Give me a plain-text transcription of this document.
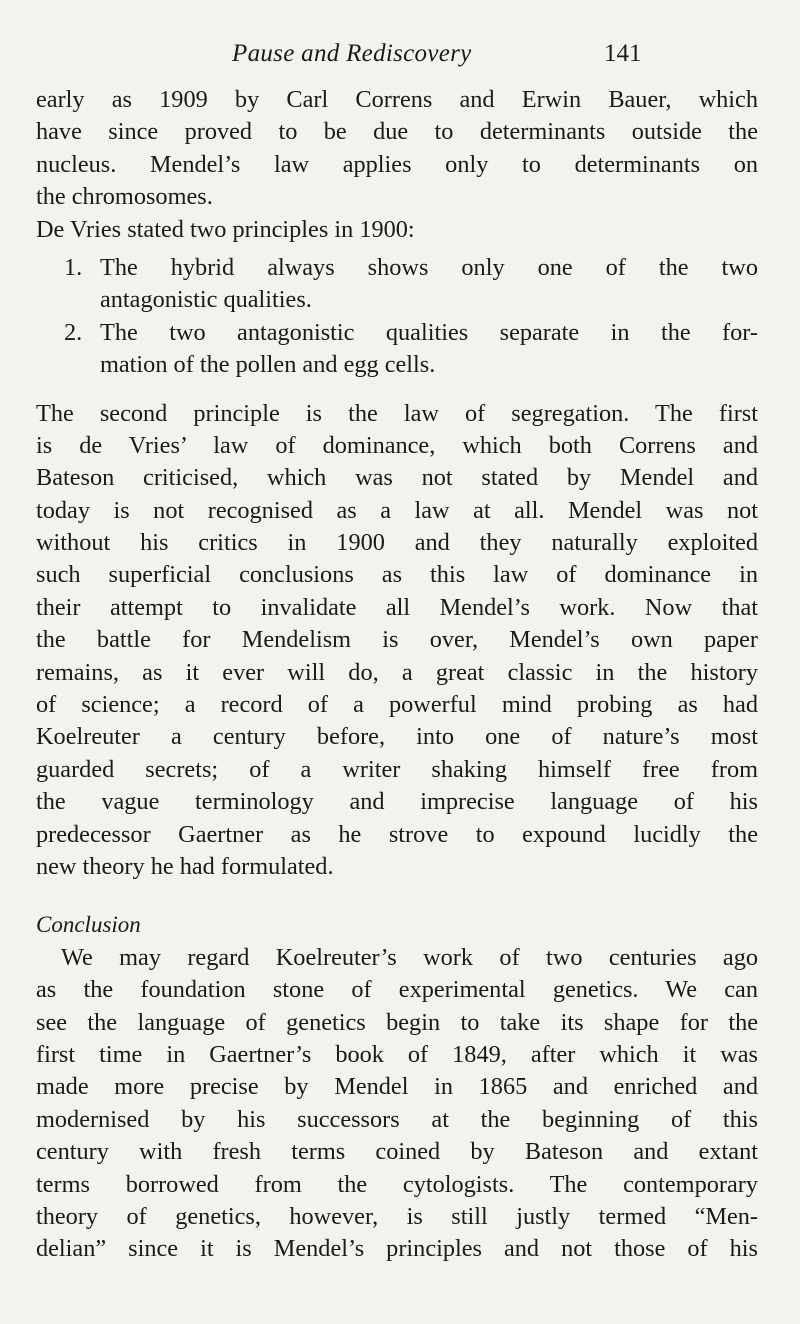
Pause and Rediscovery	141
early as 1909 by Carl Correns and Erwin Bauer, which
have since proved to be due to determinants outside the
nucleus. Mendel’s law applies only to determinants on
the chromosomes.
De Vries stated two principles in 1900:
1. The hybrid always shows only one of the two
antagonistic qualities.
2. The two antagonistic qualities separate in the for-
mation of the pollen and egg cells.
The second principle is the law of segregation. The first
is de Vries’ law of dominance, which both Correns and
Bateson criticised, which was not stated by Mendel and
today is not recognised as a law at all. Mendel was not
without his critics in 1900 and they naturally exploited
such superficial conclusions as this law of dominance in
their attempt to invalidate all Mendel’s work. Now that
the battle for Mendelism is over, Mendel’s own paper
remains, as it ever will do, a great classic in the history
of science; a record of a powerful mind probing as had
Koelreuter a century before, into one of nature’s most
guarded secrets; of a writer shaking himself free from
the vague terminology and imprecise language of his
predecessor Gaertner as he strove to expound lucidly the
new theory he had formulated.
Conclusion
We may regard Koelreuter’s work of two centuries ago
as the foundation stone of experimental genetics. We can
see the language of genetics begin to take its shape for the
first time in Gaertner’s book of 1849, after which it was
made more precise by Mendel in 1865 and enriched and
modernised by his successors at the beginning of this
century with fresh terms coined by Bateson and extant
terms borrowed from the cytologists. The contemporary
theory of genetics, however, is still justly termed “Men-
delian” since it is Mendel’s principles and not those of his
